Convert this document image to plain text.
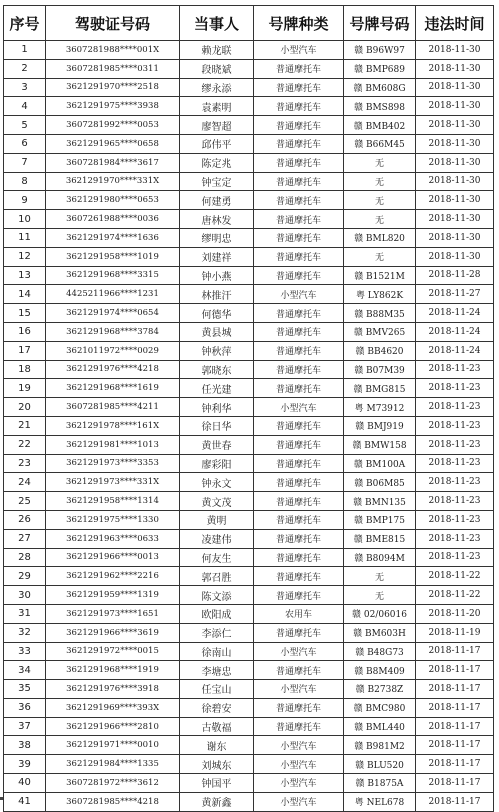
序号	驾驶证号码	当事人	号牌种类	号牌号码	违法时间
1	3607281988****001X	赖龙联	小型汽车	赣 B96W97	2018-11-30
2	3607281985****0311	段晓斌	普通摩托车	赣 BMP689	2018-11-30
3	3621291970****2518	缪永添	普通摩托车	赣 BM608G	2018-11-30
4	3621291975****3938	袁素明	普通摩托车	赣 BMS898	2018-11-30
5	3607281992****0053	廖智超	普通摩托车	赣 BMB402	2018-11-30
6	3621291965****0658	邱伟平	普通摩托车	赣 B66M45	2018-11-30
7	3607281984****3617	陈定兆	普通摩托车	无	2018-11-30
8	3621291970****331X	钟宝定	普通摩托车	无	2018-11-30
9	3621291980****0653	何建勇	普通摩托车	无	2018-11-30
10	3607261988****0036	唐林发	普通摩托车	无	2018-11-30
11	3621291974****1636	缪明忠	普通摩托车	赣 BML820	2018-11-30
12	3621291958****1019	刘建祥	普通摩托车	无	2018-11-30
13	3621291968****3315	钟小燕	普通摩托车	赣 B1521M	2018-11-28
14	4425211966****1231	林推汗	小型汽车	粤 LY862K	2018-11-27
15	3621291974****0654	何德华	普通摩托车	赣 B88M35	2018-11-24
16	3621291968****3784	黄县城	普通摩托车	赣 BMV265	2018-11-24
17	3621011972****0029	钟秋萍	普通摩托车	赣 BB4620	2018-11-24
18	3621291976****4218	郭晓东	普通摩托车	赣 B07M39	2018-11-23
19	3621291968****1619	任光建	普通摩托车	赣 BMG815	2018-11-23
20	3607281985****4211	钟利华	小型汽车	粤 M73912	2018-11-23
21	3621291978****161X	徐日华	普通摩托车	赣 BMJ919	2018-11-23
22	3621291981****1013	黄世春	普通摩托车	赣 BMW158	2018-11-23
23	3621291973****3353	廖彩阳	普通摩托车	赣 BM100A	2018-11-23
24	3621291973****331X	钟永文	普通摩托车	赣 B06M85	2018-11-23
25	3621291958****1314	黄文茂	普通摩托车	赣 BMN135	2018-11-23
26	3621291975****1330	黄明	普通摩托车	赣 BMP175	2018-11-23
27	3621291963****0633	凌建伟	普通摩托车	赣 BME815	2018-11-23
28	3621291966****0013	何友生	普通摩托车	赣 B8094M	2018-11-23
29	3621291962****2216	郭召胜	普通摩托车	无	2018-11-22
30	3621291959****1319	陈文添	普通摩托车	无	2018-11-22
31	3621291973****1651	欧阳成	农用车	赣 02/06016	2018-11-20
32	3621291966****3619	李添仁	普通摩托车	赣 BM603H	2018-11-19
33	3621291972****0015	徐南山	小型汽车	赣 B48G73	2018-11-17
34	3621291968****1919	李塘忠	普通摩托车	赣 B8M409	2018-11-17
35	3621291976****3918	任宝山	小型汽车	赣 B2738Z	2018-11-17
36	3621291969****393X	徐碧安	普通摩托车	赣 BMC980	2018-11-17
37	3621291966****2810	古敬福	普通摩托车	赣 BML440	2018-11-17
38	3621291971****0010	谢东	小型汽车	赣 B981M2	2018-11-17
39	3621291984****1335	刘城东	小型汽车	赣 BLU520	2018-11-17
40	3607281972****3612	钟国平	小型汽车	赣 B1875A	2018-11-17
41	3607281985****4218	黄新鑫	小型汽车	粤 NEL678	2018-11-17
